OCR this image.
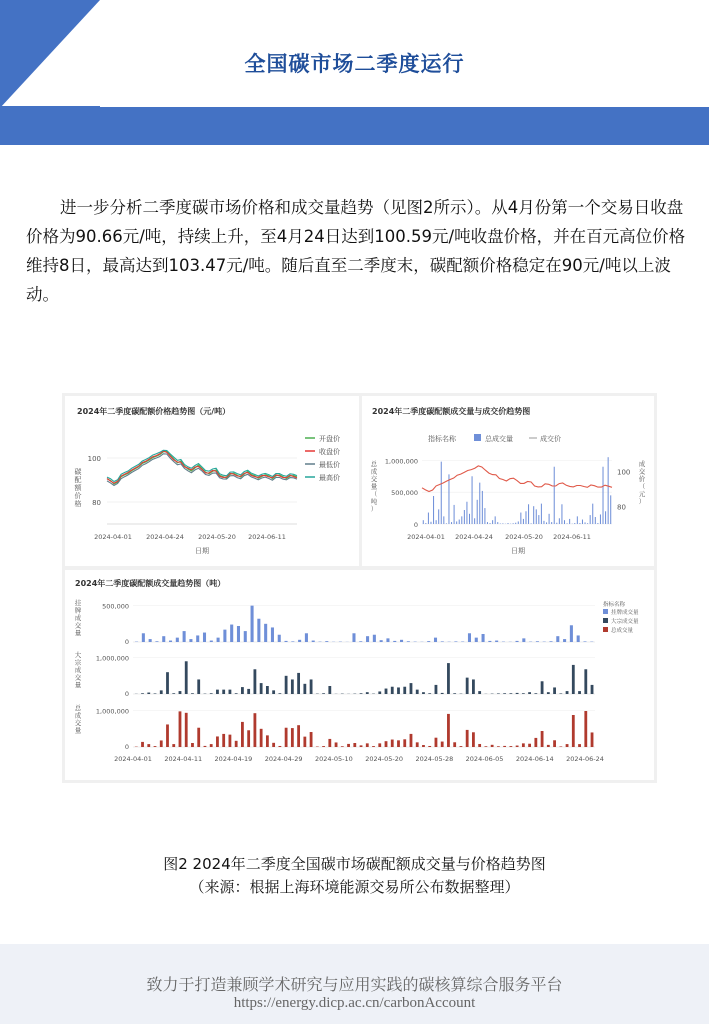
全国碳市场二季度运行
进一步分析二季度碳市场价格和成交量趋势（见图2所示）。从4月份第一个交易日收盘价格为90.66元/吨，持续上升，至4月24日达到100.59元/吨收盘价格，并在百元高位价格维持8日，最高达到103.47元/吨。随后直至二季度末，碳配额价格稳定在90元/吨以上波动。
2024年二季度碳配额价格趋势图（元/吨）
100
80
碳配额价格
2024-04-01 2024-04-24 2024-05-20 2024-06-11
日期
开盘价
收盘价
最低价
最高价
2024年二季度碳配额成交量与成交价趋势图
指标名称	总成交量	成交价
1,000,000
500,000
0
100
80
总成交量（吨）
成交价（元）
2024-04-01 2024-04-24 2024-05-20 2024-06-11
日期
2024年二季度碳配额成交量趋势图（吨）
500,000
0
挂牌成交量
1,000,000
0
大宗成交量
1,000,000
0
总成交量
2024-04-01 2024-04-11 2024-04-19 2024-04-29 2024-05-10 2024-05-20 2024-05-28 2024-06-05 2024-06-14 2024-06-24
指标名称
挂牌成交量
大宗成交量
总成交量
图2 2024年二季度全国碳市场碳配额成交量与价格趋势图
（来源：根据上海环境能源交易所公布数据整理）
致力于打造兼顾学术研究与应用实践的碳核算综合服务平台
https://energy.dicp.ac.cn/carbonAccount
